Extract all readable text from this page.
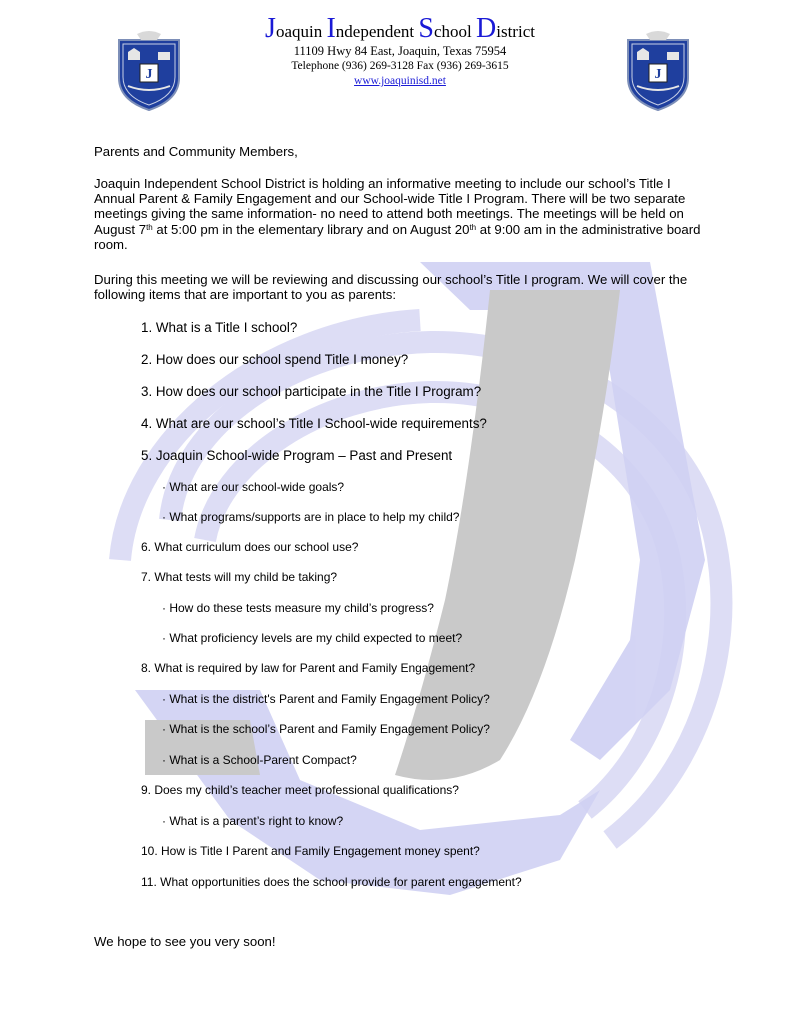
J	J

Joaquin Independent School District

11109 Hwy 84 East, Joaquin, Texas 75954

Telephone (936) 269-3128 Fax (936) 269-3615

www.joaquinisd.net

Parents and Community Members,

Joaquin Independent School District is holding an informative meeting to include our school’s Title I Annual Parent & Family Engagement and our School-wide Title I Program. There will be two separate meetings giving the same information- no need to attend both meetings. The meetings will be held on August 7th at 5:00 pm in the elementary library and on August 20th at 9:00 am in the administrative board room.

During this meeting we will be reviewing and discussing our school’s Title I program. We will cover the following items that are important to you as parents:

1. What is a Title I school?
2. How does our school spend Title I money?
3. How does our school participate in the Title I Program?
4. What are our school’s Title I School-wide requirements?
5. Joaquin School-wide Program – Past and Present
· What are our school-wide goals?
· What programs/supports are in place to help my child?
6. What curriculum does our school use?
7. What tests will my child be taking?
· How do these tests measure my child’s progress?
· What proficiency levels are my child expected to meet?
8. What is required by law for Parent and Family Engagement?
· What is the district's Parent and Family Engagement Policy?
· What is the school’s Parent and Family Engagement Policy?
· What is a School-Parent Compact?
9. Does my child’s teacher meet professional qualifications?
· What is a parent’s right to know?
10. How is Title I Parent and Family Engagement money spent?
11. What opportunities does the school provide for parent engagement?

We hope to see you very soon!
